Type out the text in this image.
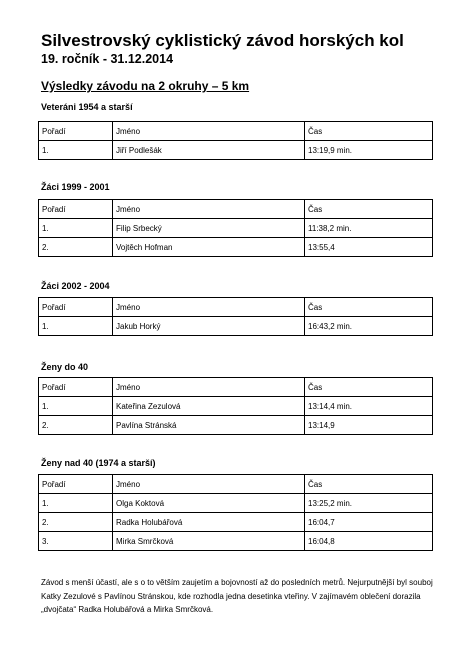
Silvestrovský cyklistický závod horských kol
19. ročník - 31.12.2014
Výsledky závodu na 2 okruhy – 5 km
Veteráni 1954 a starší
Pořadí	Jméno	Čas
1.	Jiří Podlešák	13:19,9 min.
Žáci 1999 - 2001
Pořadí	Jméno	Čas
1.	Filip Srbecký	11:38,2 min.
2.	Vojtěch Hofman	13:55,4
Žáci 2002 - 2004
Pořadí	Jméno	Čas
1.	Jakub Horký	16:43,2 min.
Ženy do 40
Pořadí	Jméno	Čas
1.	Kateřina Zezulová	13:14,4 min.
2.	Pavlína Stránská	13:14,9
Ženy nad 40 (1974 a starší)
Pořadí	Jméno	Čas
1.	Olga Koktová	13:25,2 min.
2.	Radka Holubářová	16:04,7
3.	Mirka Smrčková	16:04,8

Závod s menší účastí, ale s o to větším zaujetím a bojovností až do posledních metrů. Nejurputnější byl souboj Katky Zezulové s Pavlínou Stránskou, kde rozhodla jedna desetinka vteřiny. V zajímavém oblečení dorazila „dvojčata“ Radka Holubářová a Mirka Smrčková.
